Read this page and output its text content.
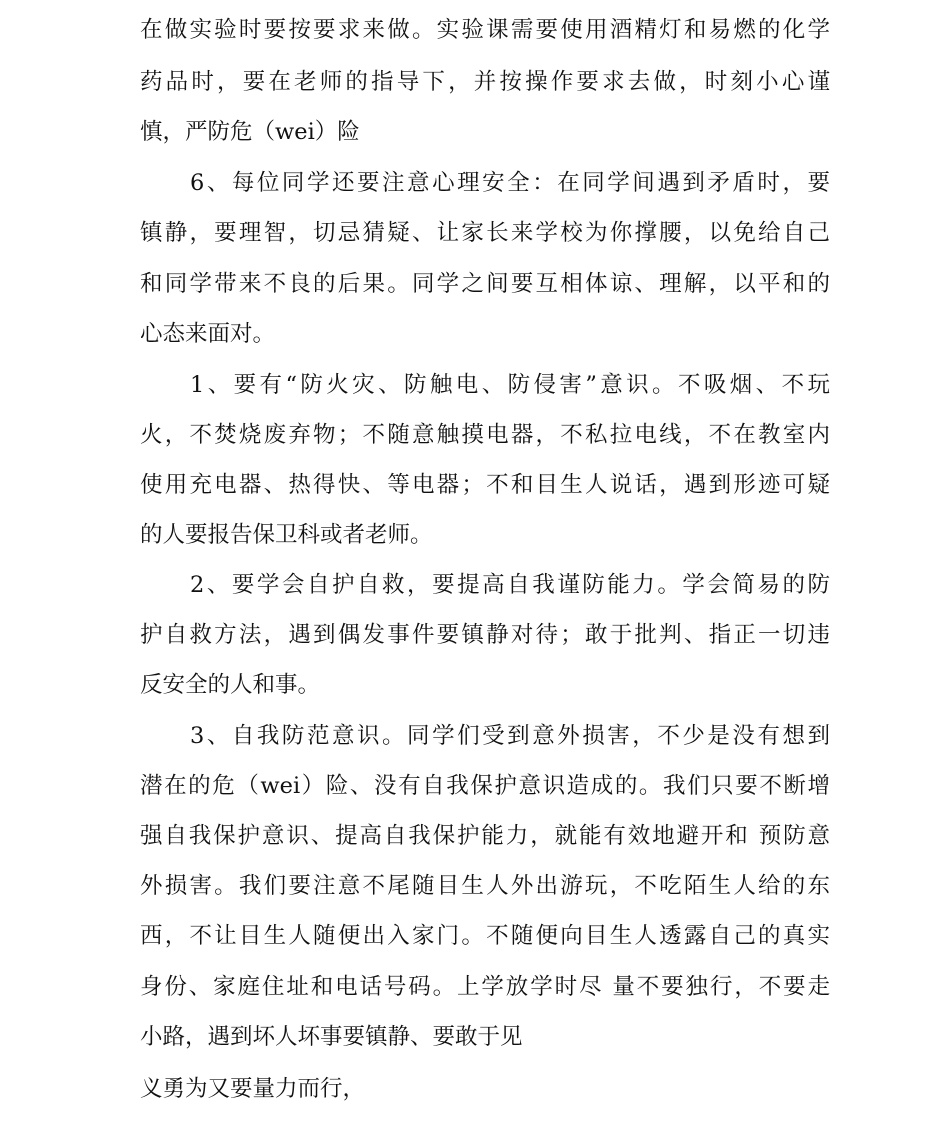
在做实验时要按要求来做。实验课需要使用酒精灯和易燃的化学
药品时，要在老师的指导下，并按操作要求去做，时刻小心谨
慎，严防危（wei）险
6、每位同学还要注意心理安全：在同学间遇到矛盾时，要
镇静，要理智，切忌猜疑、让家长来学校为你撑腰，以免给自己
和同学带来不良的后果。同学之间要互相体谅、理解，以平和的
心态来面对。
1、要有“防火灾、防触电、防侵害”意识。不吸烟、不玩
火，不焚烧废弃物；不随意触摸电器，不私拉电线，不在教室内
使用充电器、热得快、等电器；不和目生人说话，遇到形迹可疑
的人要报告保卫科或者老师。
2、要学会自护自救，要提高自我谨防能力。学会简易的防
护自救方法，遇到偶发事件要镇静对待；敢于批判、指正一切违
反安全的人和事。
3、自我防范意识。同学们受到意外损害，不少是没有想到
潜在的危（wei）险、没有自我保护意识造成的。我们只要不断增
强自我保护意识、提高自我保护能力，就能有效地避开和 预防意
外损害。我们要注意不尾随目生人外出游玩，不吃陌生人给的东
西，不让目生人随便出入家门。不随便向目生人透露自己的真实
身份、家庭住址和电话号码。上学放学时尽 量不要独行，不要走
小路，遇到坏人坏事要镇静、要敢于见
义勇为又要量力而行，
